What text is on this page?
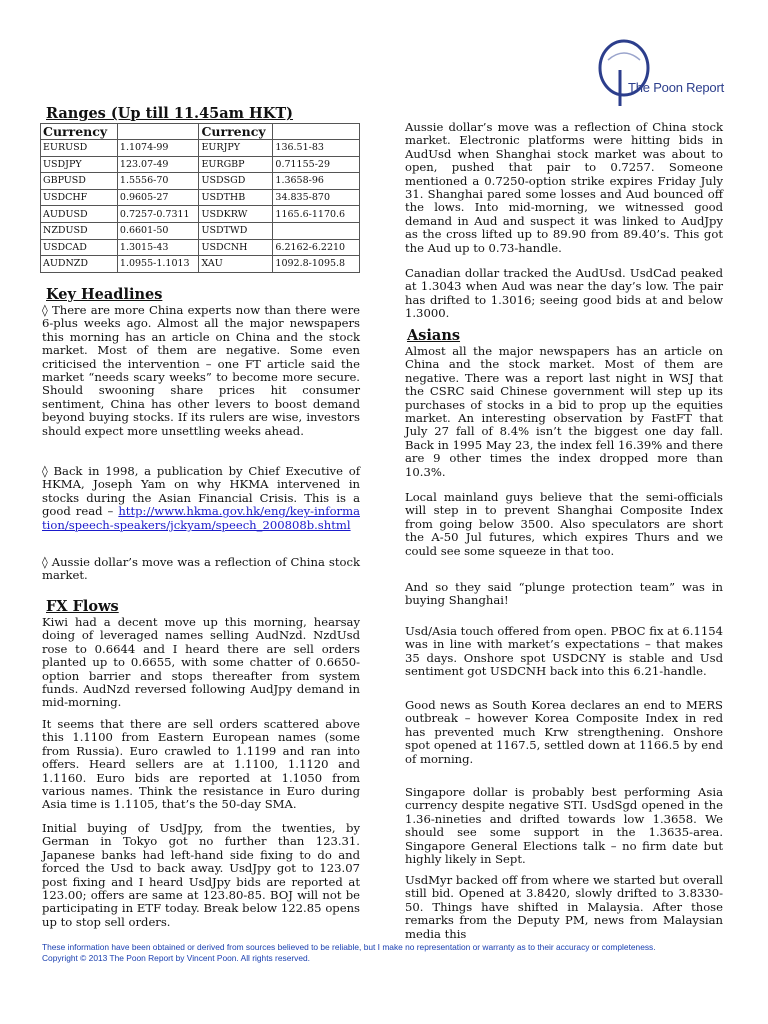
The Poon Report
Ranges (Up till 11.45am HKT)
Currency		Currency	
EURUSD	1.1074-99	EURJPY	136.51-83
USDJPY	123.07-49	EURGBP	0.71155-29
GBPUSD	1.5556-70	USDSGD	1.3658-96
USDCHF	0.9605-27	USDTHB	34.835-870
AUDUSD	0.7257-0.7311	USDKRW	1165.6-1170.6
NZDUSD	0.6601-50	USDTWD	
USDCAD	1.3015-43	USDCNH	6.2162-6.2210
AUDNZD	1.0955-1.1013	XAU	1092.8-1095.8
Key Headlines

◊ There are more China experts now than there were 6-plus weeks ago. Almost all the major newspapers this morning has an article on China and the stock market. Most of them are negative. Some even criticised the intervention – one FT article said the market “needs scary weeks” to become more secure. Should swooning share prices hit consumer sentiment, China has other levers to boost demand beyond buying stocks. If its rulers are wise, investors should expect more unsettling weeks ahead.

◊ Back in 1998, a publication by Chief Executive of HKMA, Joseph Yam on why HKMA intervened in stocks during the Asian Financial Crisis. This is a good read – http://www.hkma.gov.hk/eng/key-information/speech-speakers/jckyam/speech_200808b.shtml

◊ Aussie dollar’s move was a reflection of China stock market.

FX Flows

Kiwi had a decent move up this morning, hearsay doing of leveraged names selling AudNzd. NzdUsd rose to 0.6644 and I heard there are sell orders planted up to 0.6655, with some chatter of 0.6650-option barrier and stops thereafter from system funds. AudNzd reversed following AudJpy demand in mid-morning.

It seems that there are sell orders scattered above this 1.1100 from Eastern European names (some from Russia). Euro crawled to 1.1199 and ran into offers. Heard sellers are at 1.1100, 1.1120 and 1.1160. Euro bids are reported at 1.1050 from various names. Think the resistance in Euro during Asia time is 1.1105, that’s the 50-day SMA.

Initial buying of UsdJpy, from the twenties, by German in Tokyo got no further than 123.31. Japanese banks had left-hand side fixing to do and forced the Usd to back away. UsdJpy got to 123.07 post fixing and I heard UsdJpy bids are reported at 123.00; offers are same at 123.80-85. BOJ will not be participating in ETF today. Break below 122.85 opens up to stop sell orders.

Aussie dollar’s move was a reflection of China stock market. Electronic platforms were hitting bids in AudUsd when Shanghai stock market was about to open, pushed that pair to 0.7257. Someone mentioned a 0.7250-option strike expires Friday July 31. Shanghai pared some losses and Aud bounced off the lows. Into mid-morning, we witnessed good demand in Aud and suspect it was linked to AudJpy as the cross lifted up to 89.90 from 89.40’s. This got the Aud up to 0.73-handle.

Canadian dollar tracked the AudUsd. UsdCad peaked at 1.3043 when Aud was near the day’s low. The pair has drifted to 1.3016; seeing good bids at and below 1.3000.

Asians

Almost all the major newspapers has an article on China and the stock market. Most of them are negative. There was a report last night in WSJ that the CSRC said Chinese government will step up its purchases of stocks in a bid to prop up the equities market. An interesting observation by FastFT that July 27 fall of 8.4% isn’t the biggest one day fall. Back in 1995 May 23, the index fell 16.39% and there are 9 other times the index dropped more than 10.3%.

Local mainland guys believe that the semi-officials will step in to prevent Shanghai Composite Index from going below 3500. Also speculators are short the A-50 Jul futures, which expires Thurs and we could see some squeeze in that too.

And so they said “plunge protection team” was in buying Shanghai!

Usd/Asia touch offered from open. PBOC fix at 6.1154 was in line with market’s expectations – that makes 35 days. Onshore spot USDCNY is stable and Usd sentiment got USDCNH back into this 6.21-handle.

Good news as South Korea declares an end to MERS outbreak – however Korea Composite Index in red has prevented much Krw strengthening. Onshore spot opened at 1167.5, settled down at 1166.5 by end of morning.

Singapore dollar is probably best performing Asia currency despite negative STI. UsdSgd opened in the 1.36-nineties and drifted towards low 1.3658. We should see some support in the 1.3635-area. Singapore General Elections talk – no firm date but highly likely in Sept.

UsdMyr backed off from where we started but overall still bid. Opened at 3.8420, slowly drifted to 3.8330-50. Things have shifted in Malaysia. After those remarks from the Deputy PM, news from Malaysian media this

These information have been obtained or derived from sources believed to be reliable, but I make no representation or warranty as to their accuracy or completeness.
Copyright © 2013 The Poon Report by Vincent Poon. All rights reserved.
